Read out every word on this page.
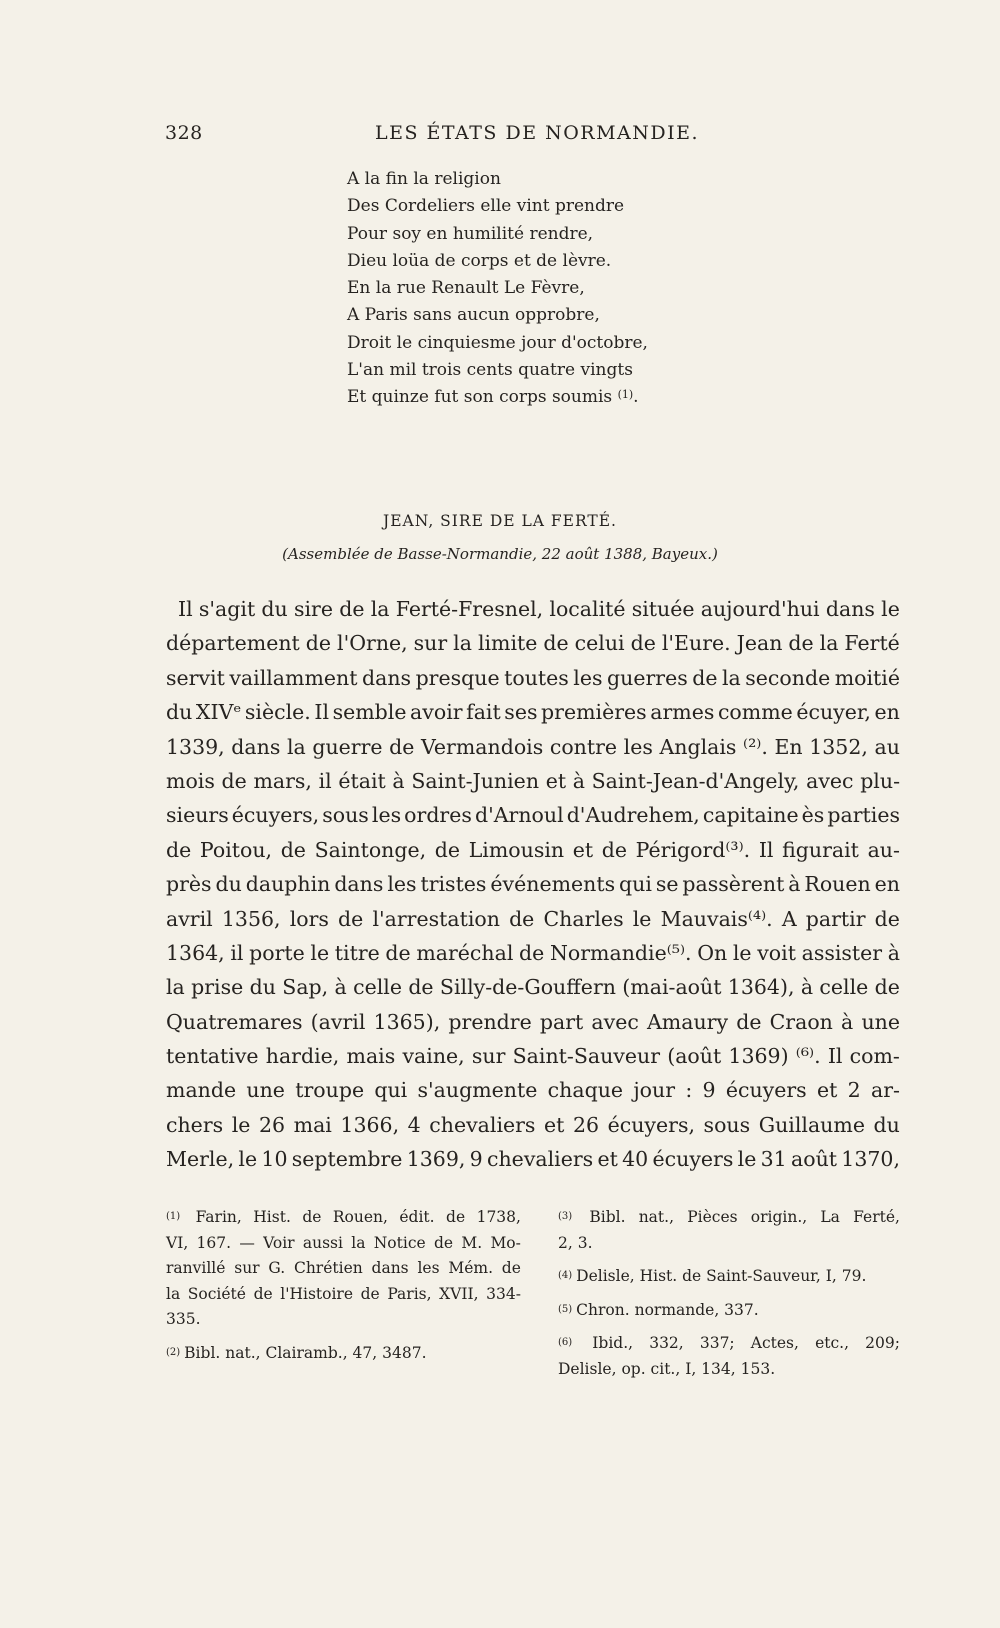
328	LES ÉTATS DE NORMANDIE.
A la fin la religion
Des Cordeliers elle vint prendre
Pour soy en humilité rendre,
Dieu loüa de corps et de lèvre.
En la rue Renault Le Fèvre,
A Paris sans aucun opprobre,
Droit le cinquiesme jour d'octobre,
L'an mil trois cents quatre vingts
Et quinze fut son corps soumis $^{(1)}$.
JEAN, SIRE DE LA FERTÉ.
(Assemblée de Basse-Normandie, 22 août 1388, Bayeux.)
Il s'agit du sire de la Ferté-Fresnel, localité située aujourd'hui dans le
département de l'Orne, sur la limite de celui de l'Eure. Jean de la Ferté
servit vaillamment dans presque toutes les guerres de la seconde moitié
du XIVᵉ siècle. Il semble avoir fait ses premières armes comme écuyer, en
1339, dans la guerre de Vermandois contre les Anglais ⁽²⁾. En 1352, au
mois de mars, il était à Saint-Junien et à Saint-Jean-d'Angely, avec plu-
sieurs écuyers, sous les ordres d'Arnoul d'Audrehem, capitaine ès parties
de Poitou, de Saintonge, de Limousin et de Périgord⁽³⁾. Il figurait au-
près du dauphin dans les tristes événements qui se passèrent à Rouen en
avril 1356, lors de l'arrestation de Charles le Mauvais⁽⁴⁾. A partir de
1364, il porte le titre de maréchal de Normandie⁽⁵⁾. On le voit assister à
la prise du Sap, à celle de Silly-de-Gouffern (mai-août 1364), à celle de
Quatremares (avril 1365), prendre part avec Amaury de Craon à une
tentative hardie, mais vaine, sur Saint-Sauveur (août 1369) ⁽⁶⁾. Il com-
mande une troupe qui s'augmente chaque jour : 9 écuyers et 2 ar-
chers le 26 mai 1366, 4 chevaliers et 26 écuyers, sous Guillaume du
Merle, le 10 septembre 1369, 9 chevaliers et 40 écuyers le 31 août 1370,
(1) Farin, Hist. de Rouen, édit. de 1738,
VI, 167. — Voir aussi la Notice de M. Mo-
ranvillé sur G. Chrétien dans les Mém. de
la Société de l'Histoire de Paris, XVII, 334-
335.
$^{(2)}$ Bibl. nat., Clairamb., 47, 3487.
(3) Bibl. nat., Pièces origin., La Ferté,
2, 3.
$^{(4)}$ Delisle, Hist. de Saint-Sauveur, I, 79.
$^{(5)}$ Chron. normande, 337.
(6) Ibid., 332, 337; Actes, etc., 209;
Delisle, op. cit., I, 134, 153.
